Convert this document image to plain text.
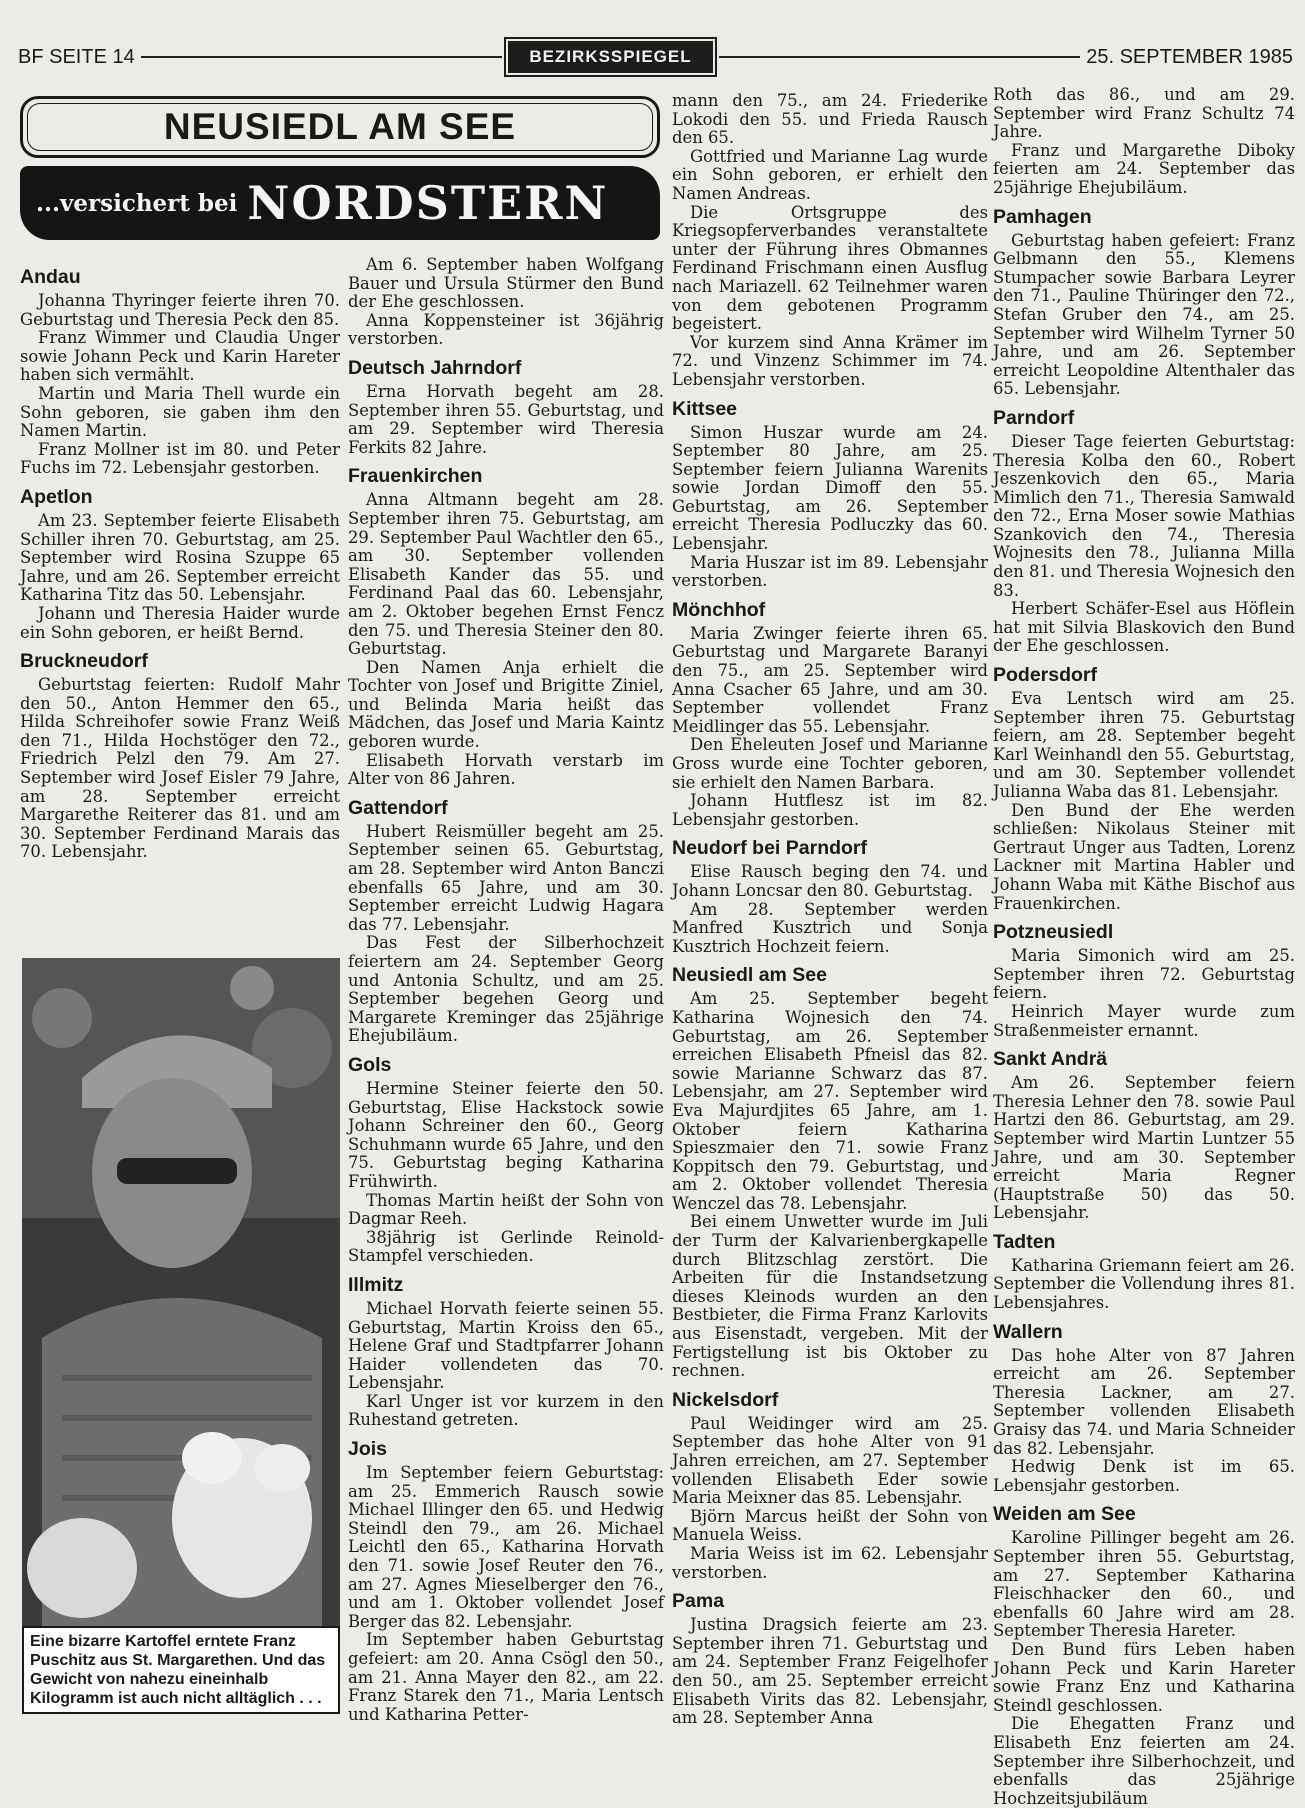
BF SEITE 14	BEZIRKSSPIEGEL	25. SEPTEMBER 1985
NEUSIEDL AM SEE
...versichert bei NORDSTERN
Andau

Johanna Thyringer feierte ihren 70. Geburtstag und Theresia Peck den 85.

Franz Wimmer und Claudia Unger sowie Johann Peck und Karin Hareter haben sich vermählt.

Martin und Maria Thell wurde ein Sohn geboren, sie gaben ihm den Namen Martin.

Franz Mollner ist im 80. und Peter Fuchs im 72. Lebensjahr gestorben.

Apetlon

Am 23. September feierte Elisabeth Schiller ihren 70. Geburtstag, am 25. September wird Rosina Szuppe 65 Jahre, und am 26. September erreicht Katharina Titz das 50. Lebensjahr.

Johann und Theresia Haider wurde ein Sohn geboren, er heißt Bernd.

Bruckneudorf

Geburtstag feierten: Rudolf Mahr den 50., Anton Hemmer den 65., Hilda Schreihofer sowie Franz Weiß den 71., Hilda Hochstöger den 72., Friedrich Pelzl den 79. Am 27. September wird Josef Eisler 79 Jahre, am 28. September erreicht Margarethe Reiterer das 81. und am 30. September Ferdinand Marais das 70. Lebensjahr.

Am 6. September haben Wolfgang Bauer und Ursula Stürmer den Bund der Ehe geschlossen.

Anna Koppensteiner ist 36jährig verstorben.

Deutsch Jahrndorf

Erna Horvath begeht am 28. September ihren 55. Geburtstag, und am 29. September wird Theresia Ferkits 82 Jahre.

Frauenkirchen

Anna Altmann begeht am 28. September ihren 75. Geburtstag, am 29. September Paul Wachtler den 65., am 30. September vollenden Elisabeth Kander das 55. und Ferdinand Paal das 60. Lebensjahr, am 2. Oktober begehen Ernst Fencz den 75. und Theresia Steiner den 80. Geburtstag.

Den Namen Anja erhielt die Tochter von Josef und Brigitte Ziniel, und Belinda Maria heißt das Mädchen, das Josef und Maria Kaintz geboren wurde.

Elisabeth Horvath verstarb im Alter von 86 Jahren.

Gattendorf

Hubert Reismüller begeht am 25. September seinen 65. Geburtstag, am 28. September wird Anton Banczi ebenfalls 65 Jahre, und am 30. September erreicht Ludwig Hagara das 77. Lebensjahr.

Das Fest der Silberhochzeit feiertern am 24. September Georg und Antonia Schultz, und am 25. September begehen Georg und Margarete Kreminger das 25jährige Ehejubiläum.

Gols

Hermine Steiner feierte den 50. Geburtstag, Elise Hackstock sowie Johann Schreiner den 60., Georg Schuhmann wurde 65 Jahre, und den 75. Geburtstag beging Katharina Frühwirth.

Thomas Martin heißt der Sohn von Dagmar Reeh.

38jährig ist Gerlinde Reinold-Stampfel verschieden.

Illmitz

Michael Horvath feierte seinen 55. Geburtstag, Martin Kroiss den 65., Helene Graf und Stadtpfarrer Johann Haider vollendeten das 70. Lebensjahr.

Karl Unger ist vor kurzem in den Ruhestand getreten.

Jois

Im September feiern Geburtstag: am 25. Emmerich Rausch sowie Michael Illinger den 65. und Hedwig Steindl den 79., am 26. Michael Leichtl den 65., Katharina Horvath den 71. sowie Josef Reuter den 76., am 27. Agnes Mieselberger den 76., und am 1. Oktober vollendet Josef Berger das 82. Lebensjahr.

Im September haben Geburtstag gefeiert: am 20. Anna Csögl den 50., am 21. Anna Mayer den 82., am 22. Franz Starek den 71., Maria Lentsch und Katharina Petter-

mann den 75., am 24. Friederike Lokodi den 55. und Frieda Rausch den 65.

Gottfried und Marianne Lag wurde ein Sohn geboren, er erhielt den Namen Andreas.

Die Ortsgruppe des Kriegsopferverbandes veranstaltete unter der Führung ihres Obmannes Ferdinand Frischmann einen Ausflug nach Mariazell. 62 Teilnehmer waren von dem gebotenen Programm begeistert.

Vor kurzem sind Anna Krämer im 72. und Vinzenz Schimmer im 74. Lebensjahr verstorben.

Kittsee

Simon Huszar wurde am 24. September 80 Jahre, am 25. September feiern Julianna Warenits sowie Jordan Dimoff den 55. Geburtstag, am 26. September erreicht Theresia Podluczky das 60. Lebensjahr.

Maria Huszar ist im 89. Lebensjahr verstorben.

Mönchhof

Maria Zwinger feierte ihren 65. Geburtstag und Margarete Baranyi den 75., am 25. September wird Anna Csacher 65 Jahre, und am 30. September vollendet Franz Meidlinger das 55. Lebensjahr.

Den Eheleuten Josef und Marianne Gross wurde eine Tochter geboren, sie erhielt den Namen Barbara.

Johann Hutflesz ist im 82. Lebensjahr gestorben.

Neudorf bei Parndorf

Elise Rausch beging den 74. und Johann Loncsar den 80. Geburtstag.

Am 28. September werden Manfred Kusztrich und Sonja Kusztrich Hochzeit feiern.

Neusiedl am See

Am 25. September begeht Katharina Wojnesich den 74. Geburtstag, am 26. September erreichen Elisabeth Pfneisl das 82. sowie Marianne Schwarz das 87. Lebensjahr, am 27. September wird Eva Majurdjites 65 Jahre, am 1. Oktober feiern Katharina Spieszmaier den 71. sowie Franz Koppitsch den 79. Geburtstag, und am 2. Oktober vollendet Theresia Wenczel das 78. Lebensjahr.

Bei einem Unwetter wurde im Juli der Turm der Kalvarienbergkapelle durch Blitzschlag zerstört. Die Arbeiten für die Instandsetzung dieses Kleinods wurden an den Bestbieter, die Firma Franz Karlovits aus Eisenstadt, vergeben. Mit der Fertigstellung ist bis Oktober zu rechnen.

Nickelsdorf

Paul Weidinger wird am 25. September das hohe Alter von 91 Jahren erreichen, am 27. September vollenden Elisabeth Eder sowie Maria Meixner das 85. Lebensjahr.

Björn Marcus heißt der Sohn von Manuela Weiss.

Maria Weiss ist im 62. Lebensjahr verstorben.

Pama

Justina Dragsich feierte am 23. September ihren 71. Geburtstag und am 24. September Franz Feigelhofer den 50., am 25. September erreicht Elisabeth Virits das 82. Lebensjahr, am 28. September Anna

Roth das 86., und am 29. September wird Franz Schultz 74 Jahre.

Franz und Margarethe Diboky feierten am 24. September das 25jährige Ehejubiläum.

Pamhagen

Geburtstag haben gefeiert: Franz Gelbmann den 55., Klemens Stumpacher sowie Barbara Leyrer den 71., Pauline Thüringer den 72., Stefan Gruber den 74., am 25. September wird Wilhelm Tyrner 50 Jahre, und am 26. September erreicht Leopoldine Altenthaler das 65. Lebensjahr.

Parndorf

Dieser Tage feierten Geburtstag: Theresia Kolba den 60., Robert Jeszenkovich den 65., Maria Mimlich den 71., Theresia Samwald den 72., Erna Moser sowie Mathias Szankovich den 74., Theresia Wojnesits den 78., Julianna Milla den 81. und Theresia Wojnesich den 83.

Herbert Schäfer-Esel aus Höflein hat mit Silvia Blaskovich den Bund der Ehe geschlossen.

Podersdorf

Eva Lentsch wird am 25. September ihren 75. Geburtstag feiern, am 28. September begeht Karl Weinhandl den 55. Geburtstag, und am 30. September vollendet Julianna Waba das 81. Lebensjahr.

Den Bund der Ehe werden schließen: Nikolaus Steiner mit Gertraut Unger aus Tadten, Lorenz Lackner mit Martina Habler und Johann Waba mit Käthe Bischof aus Frauenkirchen.

Potzneusiedl

Maria Simonich wird am 25. September ihren 72. Geburtstag feiern.

Heinrich Mayer wurde zum Straßenmeister ernannt.

Sankt Andrä

Am 26. September feiern Theresia Lehner den 78. sowie Paul Hartzi den 86. Geburtstag, am 29. September wird Martin Luntzer 55 Jahre, und am 30. September erreicht Maria Regner (Hauptstraße 50) das 50. Lebensjahr.

Tadten

Katharina Griemann feiert am 26. September die Vollendung ihres 81. Lebensjahres.

Wallern

Das hohe Alter von 87 Jahren erreicht am 26. September Theresia Lackner, am 27. September vollenden Elisabeth Graisy das 74. und Maria Schneider das 82. Lebensjahr.

Hedwig Denk ist im 65. Lebensjahr gestorben.

Weiden am See

Karoline Pillinger begeht am 26. September ihren 55. Geburtstag, am 27. September Katharina Fleischhacker den 60., und ebenfalls 60 Jahre wird am 28. September Theresia Hareter.

Den Bund fürs Leben haben Johann Peck und Karin Hareter sowie Franz Enz und Katharina Steindl geschlossen.

Die Ehegatten Franz und Elisabeth Enz feierten am 24. September ihre Silberhochzeit, und ebenfalls das 25jährige Hochzeitsjubiläum

Eine bizarre Kartoffel erntete Franz Puschitz aus St. Margarethen. Und das Gewicht von nahezu eineinhalb Kilogramm ist auch nicht alltäglich . . .
